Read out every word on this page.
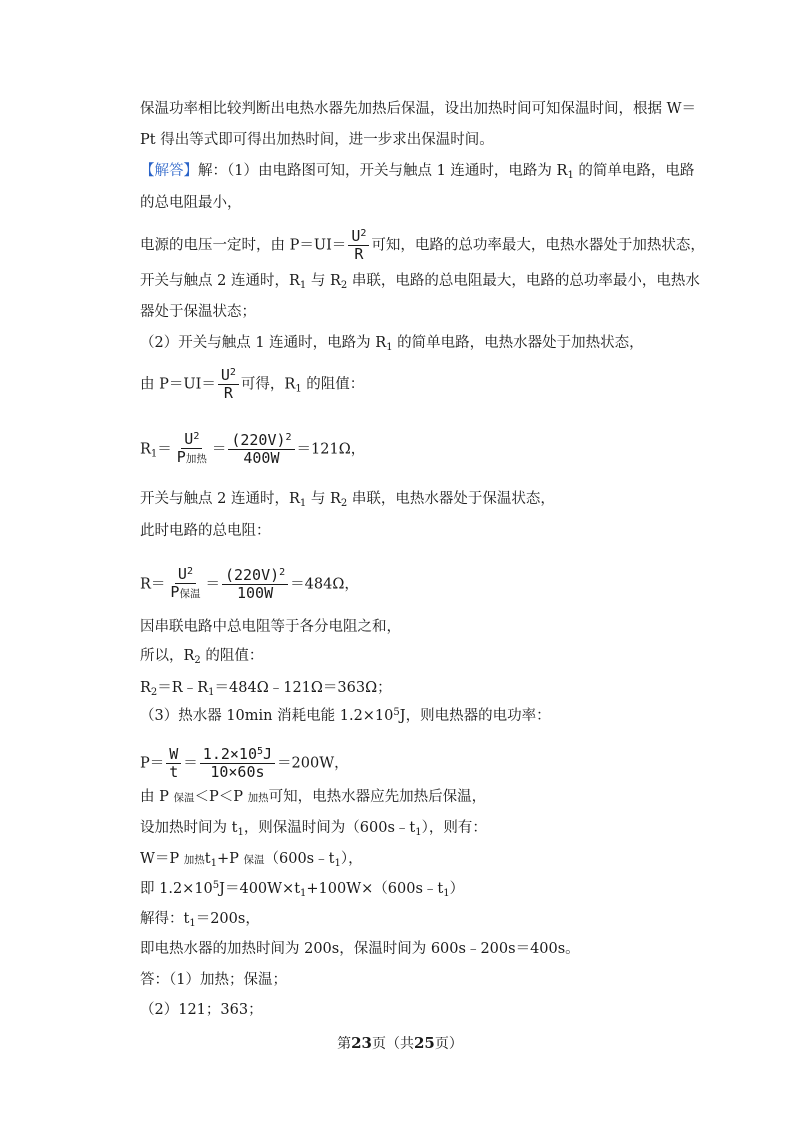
保温功率相比较判断出电热水器先加热后保温，设出加热时间可知保温时间，根据 W＝
Pt 得出等式即可得出加热时间，进一步求出保温时间。
【解答】解：（1）由电路图可知，开关与触点 1 连通时，电路为 $R_1$ 的简单电路，电路
的总电阻最小，
电源的电压一定时，由 $P=UI= \frac{U^2}{R}$ 可知，电路的总功率最大，电热水器处于加热状态，
开关与触点 2 连通时，$R_1$ 与 $R_2$ 串联，电路的总电阻最大，电路的总功率最小，电热水
器处于保温状态；
（2）开关与触点 1 连通时，电路为 $R_1$ 的简单电路，电热水器处于加热状态，
由 $P=UI= \frac{U^2}{R}$ 可得，$R_1$ 的阻值：
$R_1= \frac{U^2}{\text{P加热}} = \frac{(220V)^2}{400W} =121\Omega$，
开关与触点 2 连通时，$R_1$ 与 $R_2$ 串联，电热水器处于保温状态，
此时电路的总电阻：
$R= \frac{U^2}{\text{P保温}} = \frac{(220V)^2}{100W} =484\Omega$，
因串联电路中总电阻等于各分电阻之和，
所以，$R_2$ 的阻值：
$R_2=R﹣R_1=484\Omega﹣121\Omega=363\Omega$；
（3）热水器 10min 消耗电能 $1.2\times 10^5J$，则电热器的电功率：
$P= \frac{W}{t} = \frac{1.2\times 10^5J}{10\times 60s} =200W$，
由 P 保温＜P＜P 加热可知，电热水器应先加热后保温，
设加热时间为 $t_1$，则保温时间为$(600s﹣t_1)$，则有：
W＝P 加热$t_1+P$ 保温$(600s﹣t_1)$，
即 $1.2\times 10^5J=400W\times t_1+100W\times(600s﹣t_1)$
解得：$t_1=200s$，
即电热水器的加热时间为 200s，保温时间为 600s﹣200s＝400s。
答：（1）加热；保温；
（2）121；363；
第23页（共25页）
